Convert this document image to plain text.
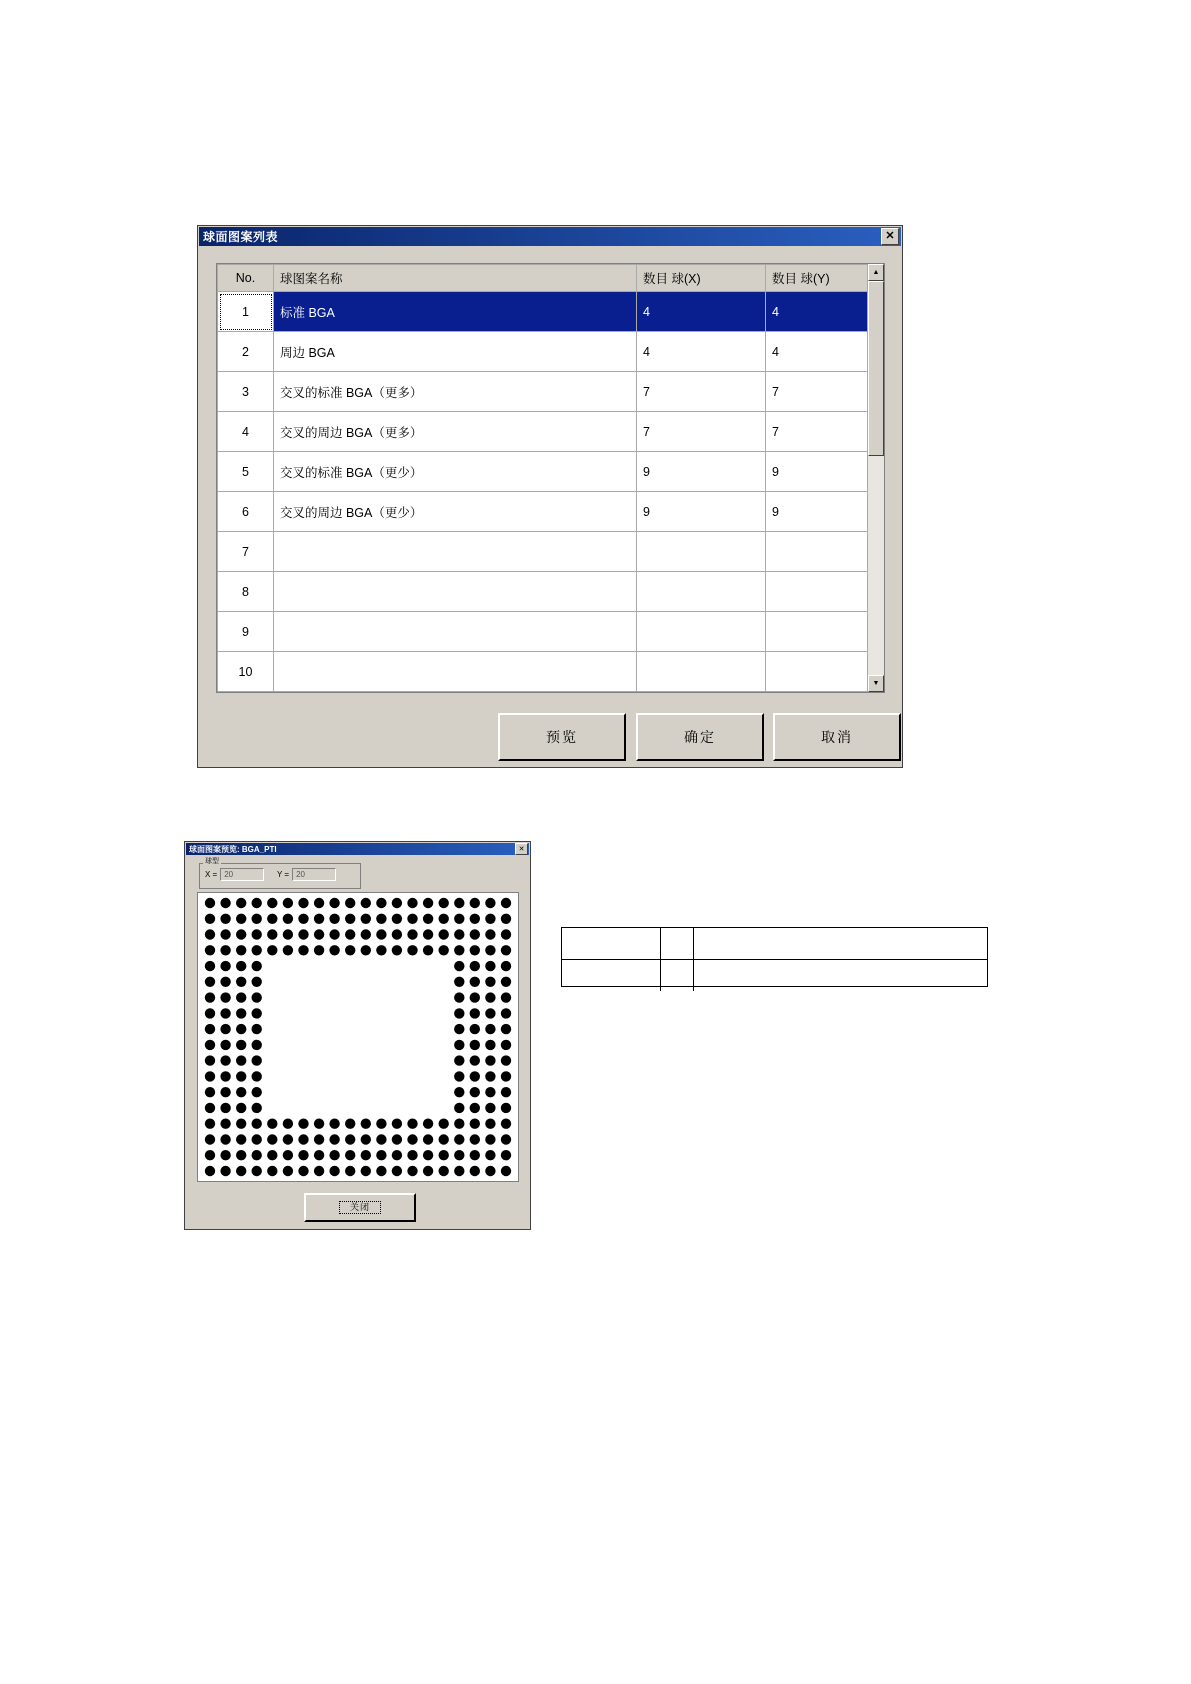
球面图案列表	✕
No.	球图案名称	数目 球(X)	数目 球(Y)
1	标准 BGA	4	4
2	周边 BGA	4	4
3	交叉的标准 BGA（更多）	7	7
4	交叉的周边 BGA（更多）	7	7
5	交叉的标准 BGA（更少）	9	9
6	交叉的周边 BGA（更少）	9	9
7			
8			
9			
10			
▲
▼
预览	确定	取消
球面图案预览: BGA_PTI	✕
球型
X = 20	Y = 20
关闭
